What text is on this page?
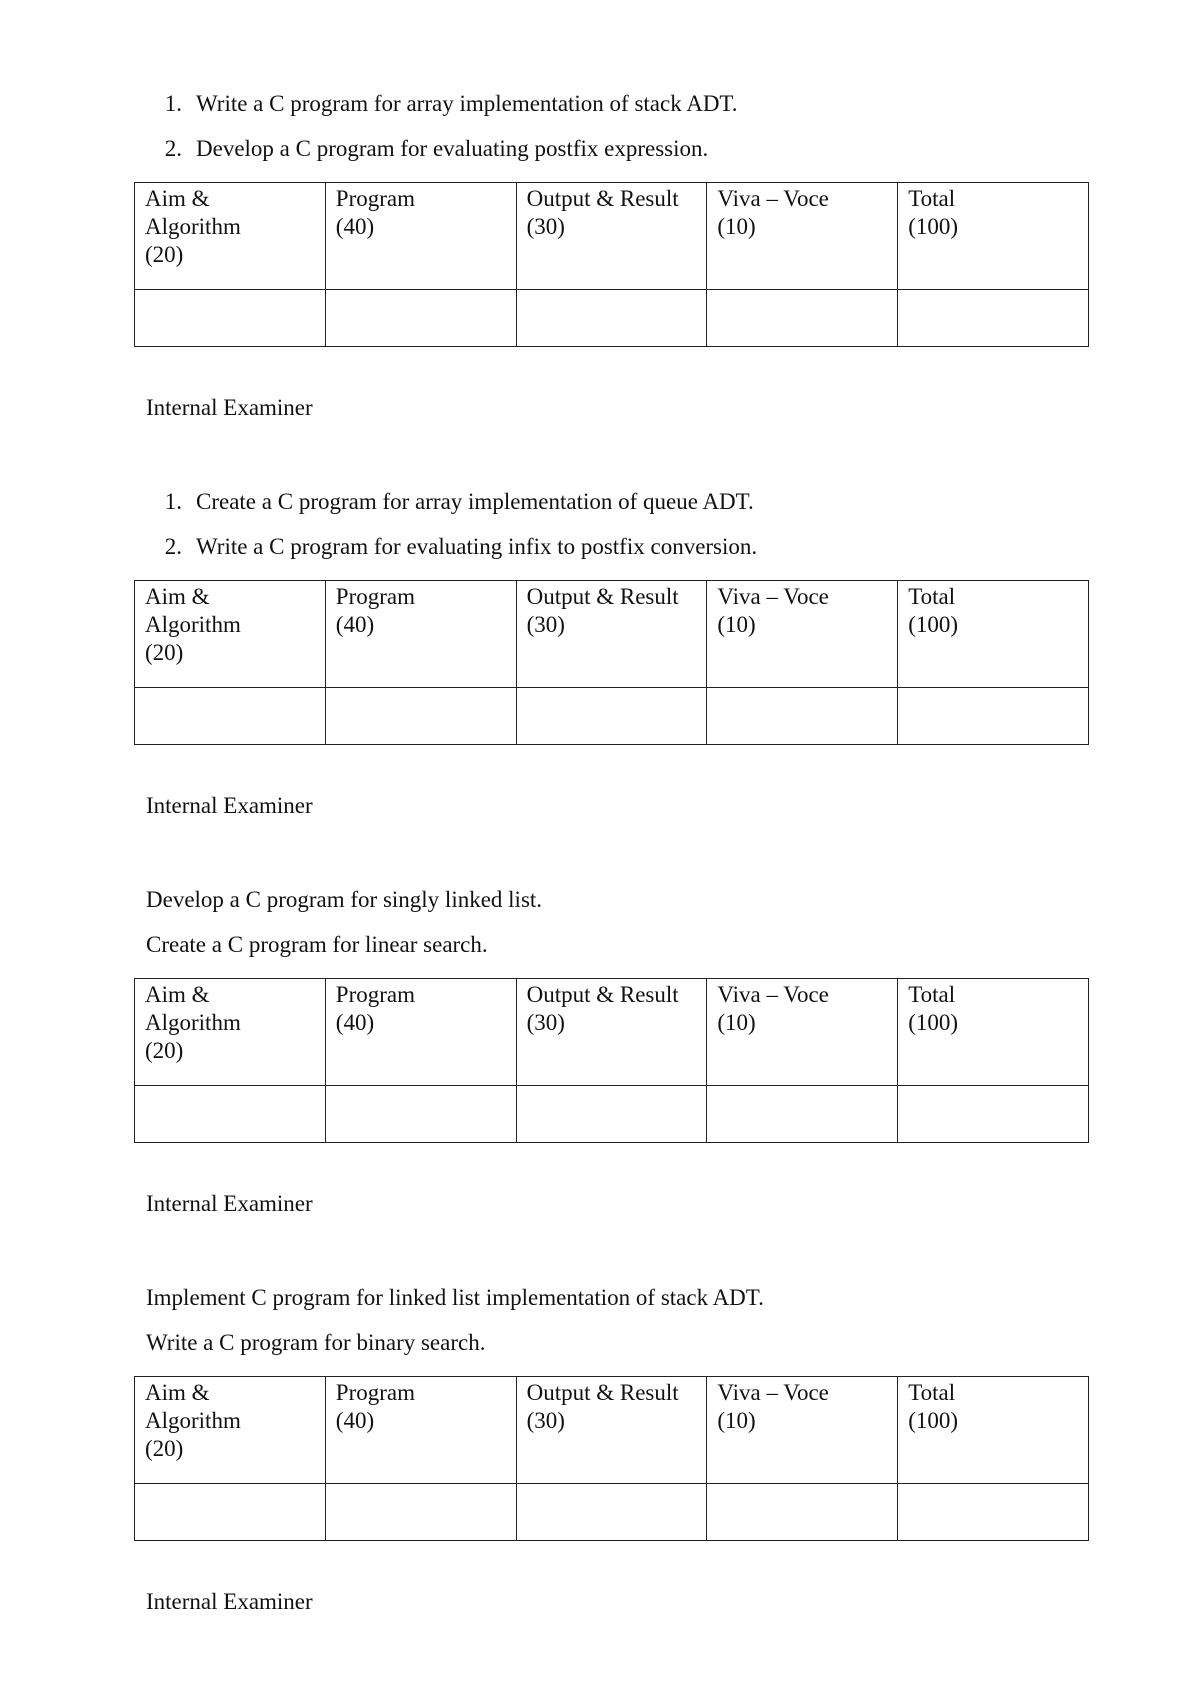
1. Write a C program for array implementation of stack ADT.
2. Develop a C program for evaluating postfix expression.
Aim &
Algorithm
(20)	Program
(40)	Output & Result
(30)	Viva – Voce
(10)	Total
(100)

Internal Examiner
1. Create a C program for array implementation of queue ADT.
2. Write a C program for evaluating infix to postfix conversion.
Aim &
Algorithm
(20)	Program
(40)	Output & Result
(30)	Viva – Voce
(10)	Total
(100)

Internal Examiner
Develop a C program for singly linked list.
Create a C program for linear search.
Aim &
Algorithm
(20)	Program
(40)	Output & Result
(30)	Viva – Voce
(10)	Total
(100)

Internal Examiner
Implement C program for linked list implementation of stack ADT.
Write a C program for binary search.
Aim &
Algorithm
(20)	Program
(40)	Output & Result
(30)	Viva – Voce
(10)	Total
(100)

Internal Examiner
